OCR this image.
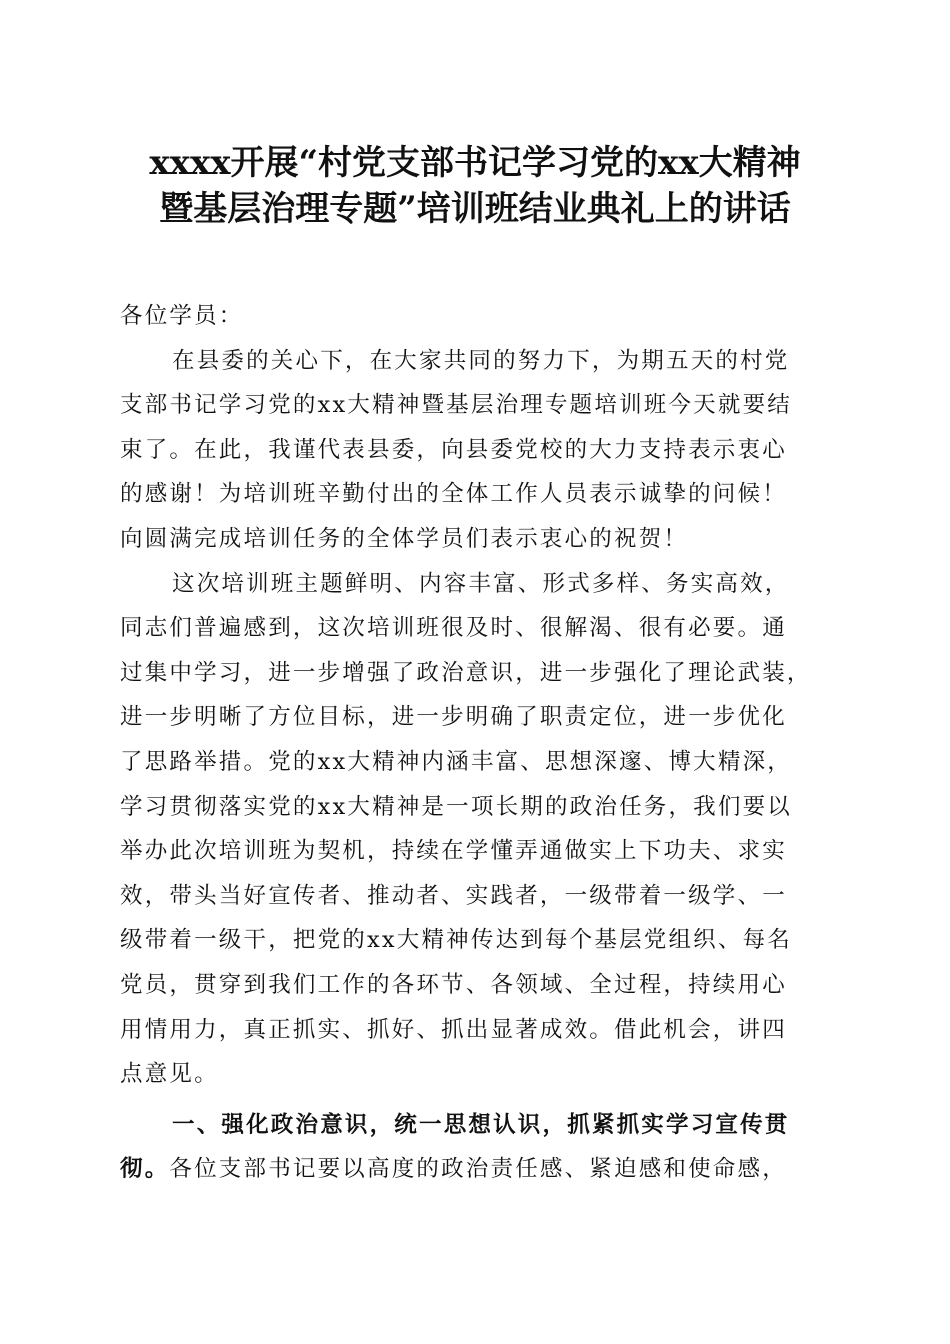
xxxx开展“村党支部书记学习党的xx大精神
暨基层治理专题”培训班结业典礼上的讲话

各位学员：

在县委的关心下，在大家共同的努力下，为期五天的村党
支部书记学习党的xx大精神暨基层治理专题培训班今天就要结
束了。在此，我谨代表县委，向县委党校的大力支持表示衷心
的感谢！为培训班辛勤付出的全体工作人员表示诚挚的问候！
向圆满完成培训任务的全体学员们表示衷心的祝贺！
这次培训班主题鲜明、内容丰富、形式多样、务实高效，
同志们普遍感到，这次培训班很及时、很解渴、很有必要。通
过集中学习，进一步增强了政治意识，进一步强化了理论武装，
进一步明晰了方位目标，进一步明确了职责定位，进一步优化
了思路举措。党的xx大精神内涵丰富、思想深邃、博大精深，
学习贯彻落实党的xx大精神是一项长期的政治任务，我们要以
举办此次培训班为契机，持续在学懂弄通做实上下功夫、求实
效，带头当好宣传者、推动者、实践者，一级带着一级学、一
级带着一级干，把党的xx大精神传达到每个基层党组织、每名
党员，贯穿到我们工作的各环节、各领域、全过程，持续用心
用情用力，真正抓实、抓好、抓出显著成效。借此机会，讲四
点意见。
一、强化政治意识，统一思想认识，抓紧抓实学习宣传贯
彻。各位支部书记要以高度的政治责任感、紧迫感和使命感，
